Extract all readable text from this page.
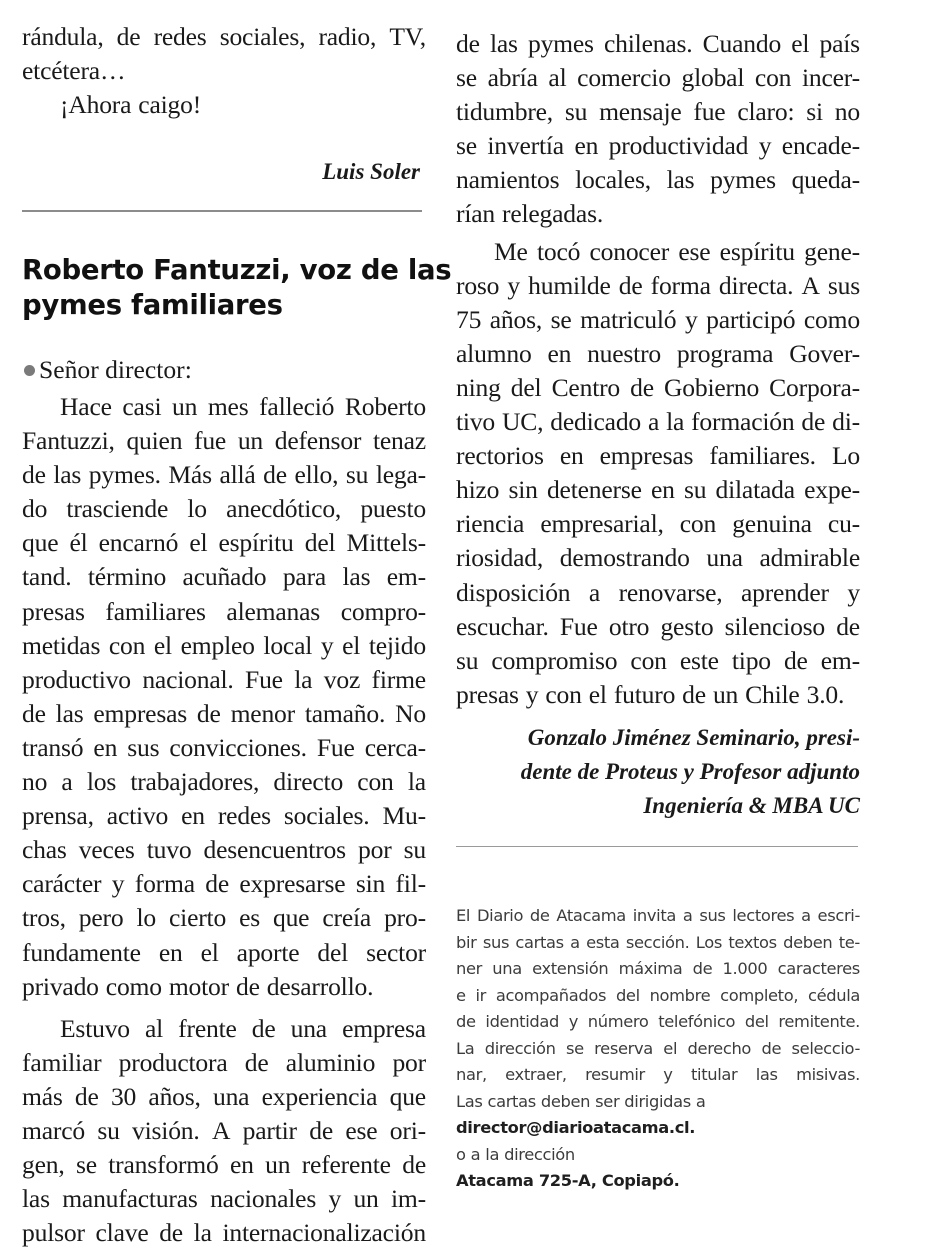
rándula, de redes sociales, radio, TV,
etcétera…
¡Ahora caigo!
Luis Soler
Roberto Fantuzzi, voz de las
pymes familiares
Señor director:
Hace casi un mes falleció Roberto
Fantuzzi, quien fue un defensor tenaz
de las pymes. Más allá de ello, su lega-
do trasciende lo anecdótico, puesto
que él encarnó el espíritu del Mittels-
tand. término acuñado para las em-
presas familiares alemanas compro-
metidas con el empleo local y el tejido
productivo nacional. Fue la voz firme
de las empresas de menor tamaño. No
transó en sus convicciones. Fue cerca-
no a los trabajadores, directo con la
prensa, activo en redes sociales. Mu-
chas veces tuvo desencuentros por su
carácter y forma de expresarse sin fil-
tros, pero lo cierto es que creía pro-
fundamente en el aporte del sector
privado como motor de desarrollo.
Estuvo al frente de una empresa
familiar productora de aluminio por
más de 30 años, una experiencia que
marcó su visión. A partir de ese ori-
gen, se transformó en un referente de
las manufacturas nacionales y un im-
pulsor clave de la internacionalización
de las pymes chilenas. Cuando el país
se abría al comercio global con incer-
tidumbre, su mensaje fue claro: si no
se invertía en productividad y encade-
namientos locales, las pymes queda-
rían relegadas.
Me tocó conocer ese espíritu gene-
roso y humilde de forma directa. A sus
75 años, se matriculó y participó como
alumno en nuestro programa Gover-
ning del Centro de Gobierno Corpora-
tivo UC, dedicado a la formación de di-
rectorios en empresas familiares. Lo
hizo sin detenerse en su dilatada expe-
riencia empresarial, con genuina cu-
riosidad, demostrando una admirable
disposición a renovarse, aprender y
escuchar. Fue otro gesto silencioso de
su compromiso con este tipo de em-
presas y con el futuro de un Chile 3.0.
Gonzalo Jiménez Seminario, presi-
dente de Proteus y Profesor adjunto
Ingeniería & MBA UC
El Diario de Atacama invita a sus lectores a escri-
bir sus cartas a esta sección. Los textos deben te-
ner una extensión máxima de 1.000 caracteres
e ir acompañados del nombre completo, cédula
de identidad y número telefónico del remitente.
La dirección se reserva el derecho de seleccio-
nar, extraer, resumir y titular las misivas.
Las cartas deben ser dirigidas a
director@diarioatacama.cl.
o a la dirección
Atacama 725-A, Copiapó.
